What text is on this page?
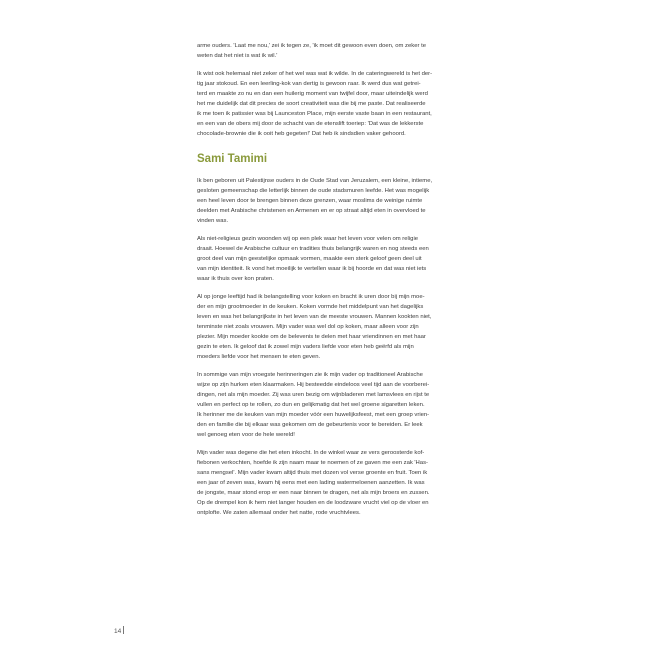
arme ouders. 'Laat me nou,' zei ik tegen ze, 'ik moet dit gewoon even doen, om zeker te
weten dat het niet is wat ik wil.'

Ik wist ook helemaal niet zeker of het wel was wat ik wilde. In de cateringwereld is het der-
tig jaar stokoud. En een leerling-kok van dertig is gewoon raar. Ik werd dus wat getrei-
terd en maakte zo nu en dan een huilerig moment van twijfel door, maar uiteindelijk werd
het me duidelijk dat dit precies de soort creativiteit was die bij me paste. Dat realiseerde
ik me toen ik patissier was bij Launceston Place, mijn eerste vaste baan in een restaurant,
en een van de obers mij door de schacht van de etenslift toeriep: 'Dat was de lekkerste
chocolade-brownie die ik ooit heb gegeten!' Dat heb ik sindsdien vaker gehoord.

Sami Tamimi

Ik ben geboren uit Palestijnse ouders in de Oude Stad van Jeruzalem, een kleine, intieme,
gesloten gemeenschap die letterlijk binnen de oude stadsmuren leefde. Het was mogelijk
een heel leven door te brengen binnen deze grenzen, waar moslims de weinige ruimte
deelden met Arabische christenen en Armenen en er op straat altijd eten in overvloed te
vinden was.

Als niet-religieus gezin woonden wij op een plek waar het leven voor velen om religie
draait. Hoewel de Arabische cultuur en tradities thuis belangrijk waren en nog steeds een
groot deel van mijn geestelijke opmaak vormen, maakte een sterk geloof geen deel uit
van mijn identiteit. Ik vond het moeilijk te vertellen waar ik bij hoorde en dat was niet iets
waar ik thuis over kon praten.

Al op jonge leeftijd had ik belangstelling voor koken en bracht ik uren door bij mijn moe-
der en mijn grootmoeder in de keuken. Koken vormde het middelpunt van het dagelijks
leven en was het belangrijkste in het leven van de meeste vrouwen. Mannen kookten niet,
tenminste niet zoals vrouwen. Mijn vader was wel dol op koken, maar alleen voor zijn
plezier. Mijn moeder kookte om de belevenis te delen met haar vriendinnen en met haar
gezin te eten. Ik geloof dat ik zowel mijn vaders liefde voor eten heb geërfd als mijn
moeders liefde voor het mensen te eten geven.

In sommige van mijn vroegste herinneringen zie ik mijn vader op traditioneel Arabische
wijze op zijn hurken eten klaarmaken. Hij besteedde eindeloos veel tijd aan de voorberei-
dingen, net als mijn moeder. Zij was uren bezig om wijnbladeren met lamsvlees en rijst te
vullen en perfect op te rollen, zo dun en gelijkmatig dat het wel groene sigaretten leken.
Ik herinner me de keuken van mijn moeder vóór een huwelijksfeest, met een groep vrien-
den en familie die bij elkaar was gekomen om de gebeurtenis voor te bereiden. Er leek
wel genoeg eten voor de hele wereld!

Mijn vader was degene die het eten inkocht. In de winkel waar ze vers geroosterde kof-
fiebonen verkochten, hoefde ik zijn naam maar te noemen of ze gaven me een zak 'Has-
sans mengsel'. Mijn vader kwam altijd thuis met dozen vol verse groente en fruit. Toen ik
een jaar of zeven was, kwam hij eens met een lading watermeloenen aanzetten. Ik was
de jongste, maar stond erop er een naar binnen te dragen, net als mijn broers en zussen.
Op de drempel kon ik hem niet langer houden en de loodzware vrucht viel op de vloer en
ontplofte. We zaten allemaal onder het natte, rode vruchtvlees.

14
